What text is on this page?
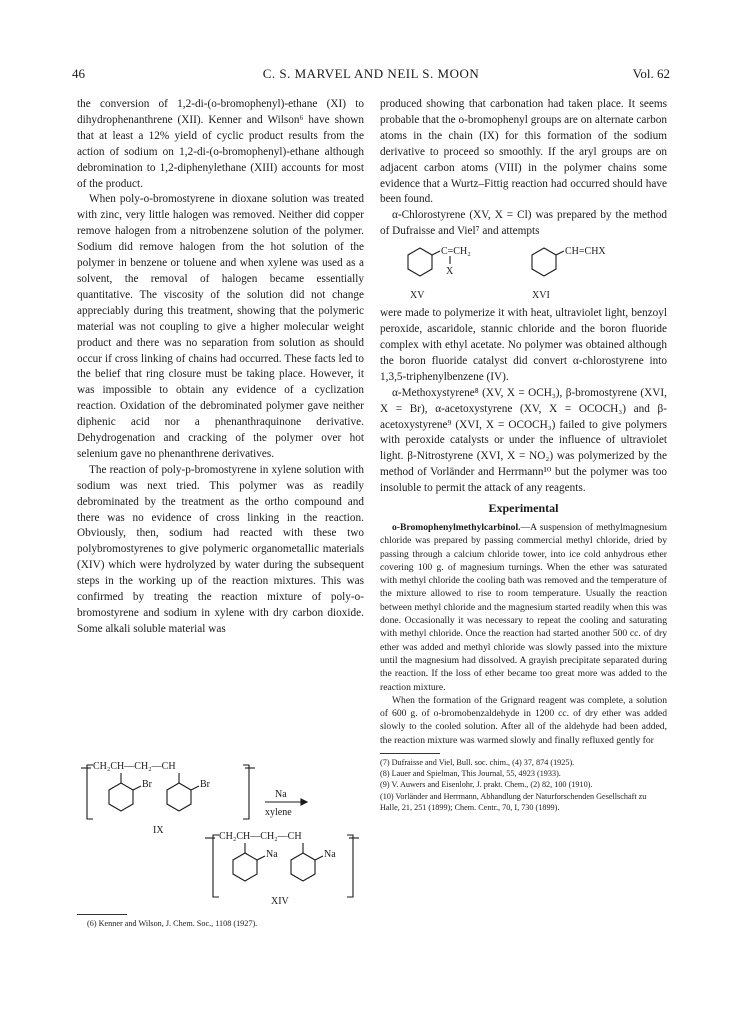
46	C. S. MARVEL AND NEIL S. MOON	Vol. 62

the conversion of 1,2-di-(o-bromophenyl)-ethane (XI) to dihydrophenanthrene (XII). Kenner and Wilson⁶ have shown that at least a 12% yield of cyclic product results from the action of sodium on 1,2-di-(o-bromophenyl)-ethane although debromination to 1,2-diphenylethane (XIII) accounts for most of the product.

When poly-o-bromostyrene in dioxane solution was treated with zinc, very little halogen was removed. Neither did copper remove halogen from a nitrobenzene solution of the polymer. Sodium did remove halogen from the hot solution of the polymer in benzene or toluene and when xylene was used as a solvent, the removal of halogen became essentially quantitative. The viscosity of the solution did not change appreciably during this treatment, showing that the polymeric material was not coupling to give a higher molecular weight product and there was no separation from solution as should occur if cross linking of chains had occurred. These facts led to the belief that ring closure must be taking place. However, it was impossible to obtain any evidence of a cyclization reaction. Oxidation of the debrominated polymer gave neither diphenic acid nor a phenanthraquinone derivative. Dehydrogenation and cracking of the polymer over hot selenium gave no phenanthrene derivatives.

The reaction of poly-p-bromostyrene in xylene solution with sodium was next tried. This polymer was as readily debrominated by the treatment as the ortho compound and there was no evidence of cross linking in the reaction. Obviously, then, sodium had reacted with these two polybromostyrenes to give polymeric organometallic materials (XIV) which were hydrolyzed by water during the subsequent steps in the working up of the reaction mixtures. This was confirmed by treating the reaction mixture of poly-o-bromostyrene and sodium in xylene with dry carbon dioxide. Some alkali soluble material was

CH₂CH—CH₂—CH
Br	Br
Na
xylene
IX
CH₂CH—CH₂—CH
Na	Na
XIV

(6) Kenner and Wilson, J. Chem. Soc., 1108 (1927).

produced showing that carbonation had taken place. It seems probable that the o-bromophenyl groups are on alternate carbon atoms in the chain (IX) for this formation of the sodium derivative to proceed so smoothly. If the aryl groups are on adjacent carbon atoms (VIII) in the polymer chains some evidence that a Wurtz–Fittig reaction had occurred should have been found.

α-Chlorostyrene (XV, X = Cl) was prepared by the method of Dufraisse and Viel⁷ and attempts

C=CH₂
X
XV
CH=CHX
XVI

were made to polymerize it with heat, ultraviolet light, benzoyl peroxide, ascaridole, stannic chloride and the boron fluoride complex with ethyl acetate. No polymer was obtained although the boron fluoride catalyst did convert α-chlorostyrene into 1,3,5-triphenylbenzene (IV).

α-Methoxystyrene⁸ (XV, X = OCH₃), β-bromostyrene (XVI, X = Br), α-acetoxystyrene (XV, X = OCOCH₃) and β-acetoxystyrene⁹ (XVI, X = OCOCH₃) failed to give polymers with peroxide catalysts or under the influence of ultraviolet light. β-Nitrostyrene (XVI, X = NO₂) was polymerized by the method of Vorländer and Herrmann¹⁰ but the polymer was too insoluble to permit the attack of any reagents.

Experimental

o-Bromophenylmethylcarbinol.—A suspension of methylmagnesium chloride was prepared by passing commercial methyl chloride, dried by passing through a calcium chloride tower, into ice cold anhydrous ether covering 100 g. of magnesium turnings. When the ether was saturated with methyl chloride the cooling bath was removed and the temperature of the mixture allowed to rise to room temperature. Usually the reaction between methyl chloride and the magnesium started readily when this was done. Occasionally it was necessary to repeat the cooling and saturating with methyl chloride. Once the reaction had started another 500 cc. of dry ether was added and methyl chloride was slowly passed into the mixture until the magnesium had dissolved. A grayish precipitate separated during the reaction. If the loss of ether became too great more was added to the reaction mixture.

When the formation of the Grignard reagent was complete, a solution of 600 g. of o-bromobenzaldehyde in 1200 cc. of dry ether was added slowly to the cooled solution. After all of the aldehyde had been added, the reaction mixture was warmed slowly and finally refluxed gently for

(7) Dufraisse and Viel, Bull. soc. chim., (4) 37, 874 (1925).

(8) Lauer and Spielman, This Journal, 55, 4923 (1933).

(9) V. Auwers and Eisenlohr, J. prakt. Chem., (2) 82, 100 (1910).

(10) Vorländer and Herrmann, Abhandlung der Naturforschenden Gesellschaft zu Halle, 21, 251 (1899); Chem. Centr., 70, I, 730 (1899).
